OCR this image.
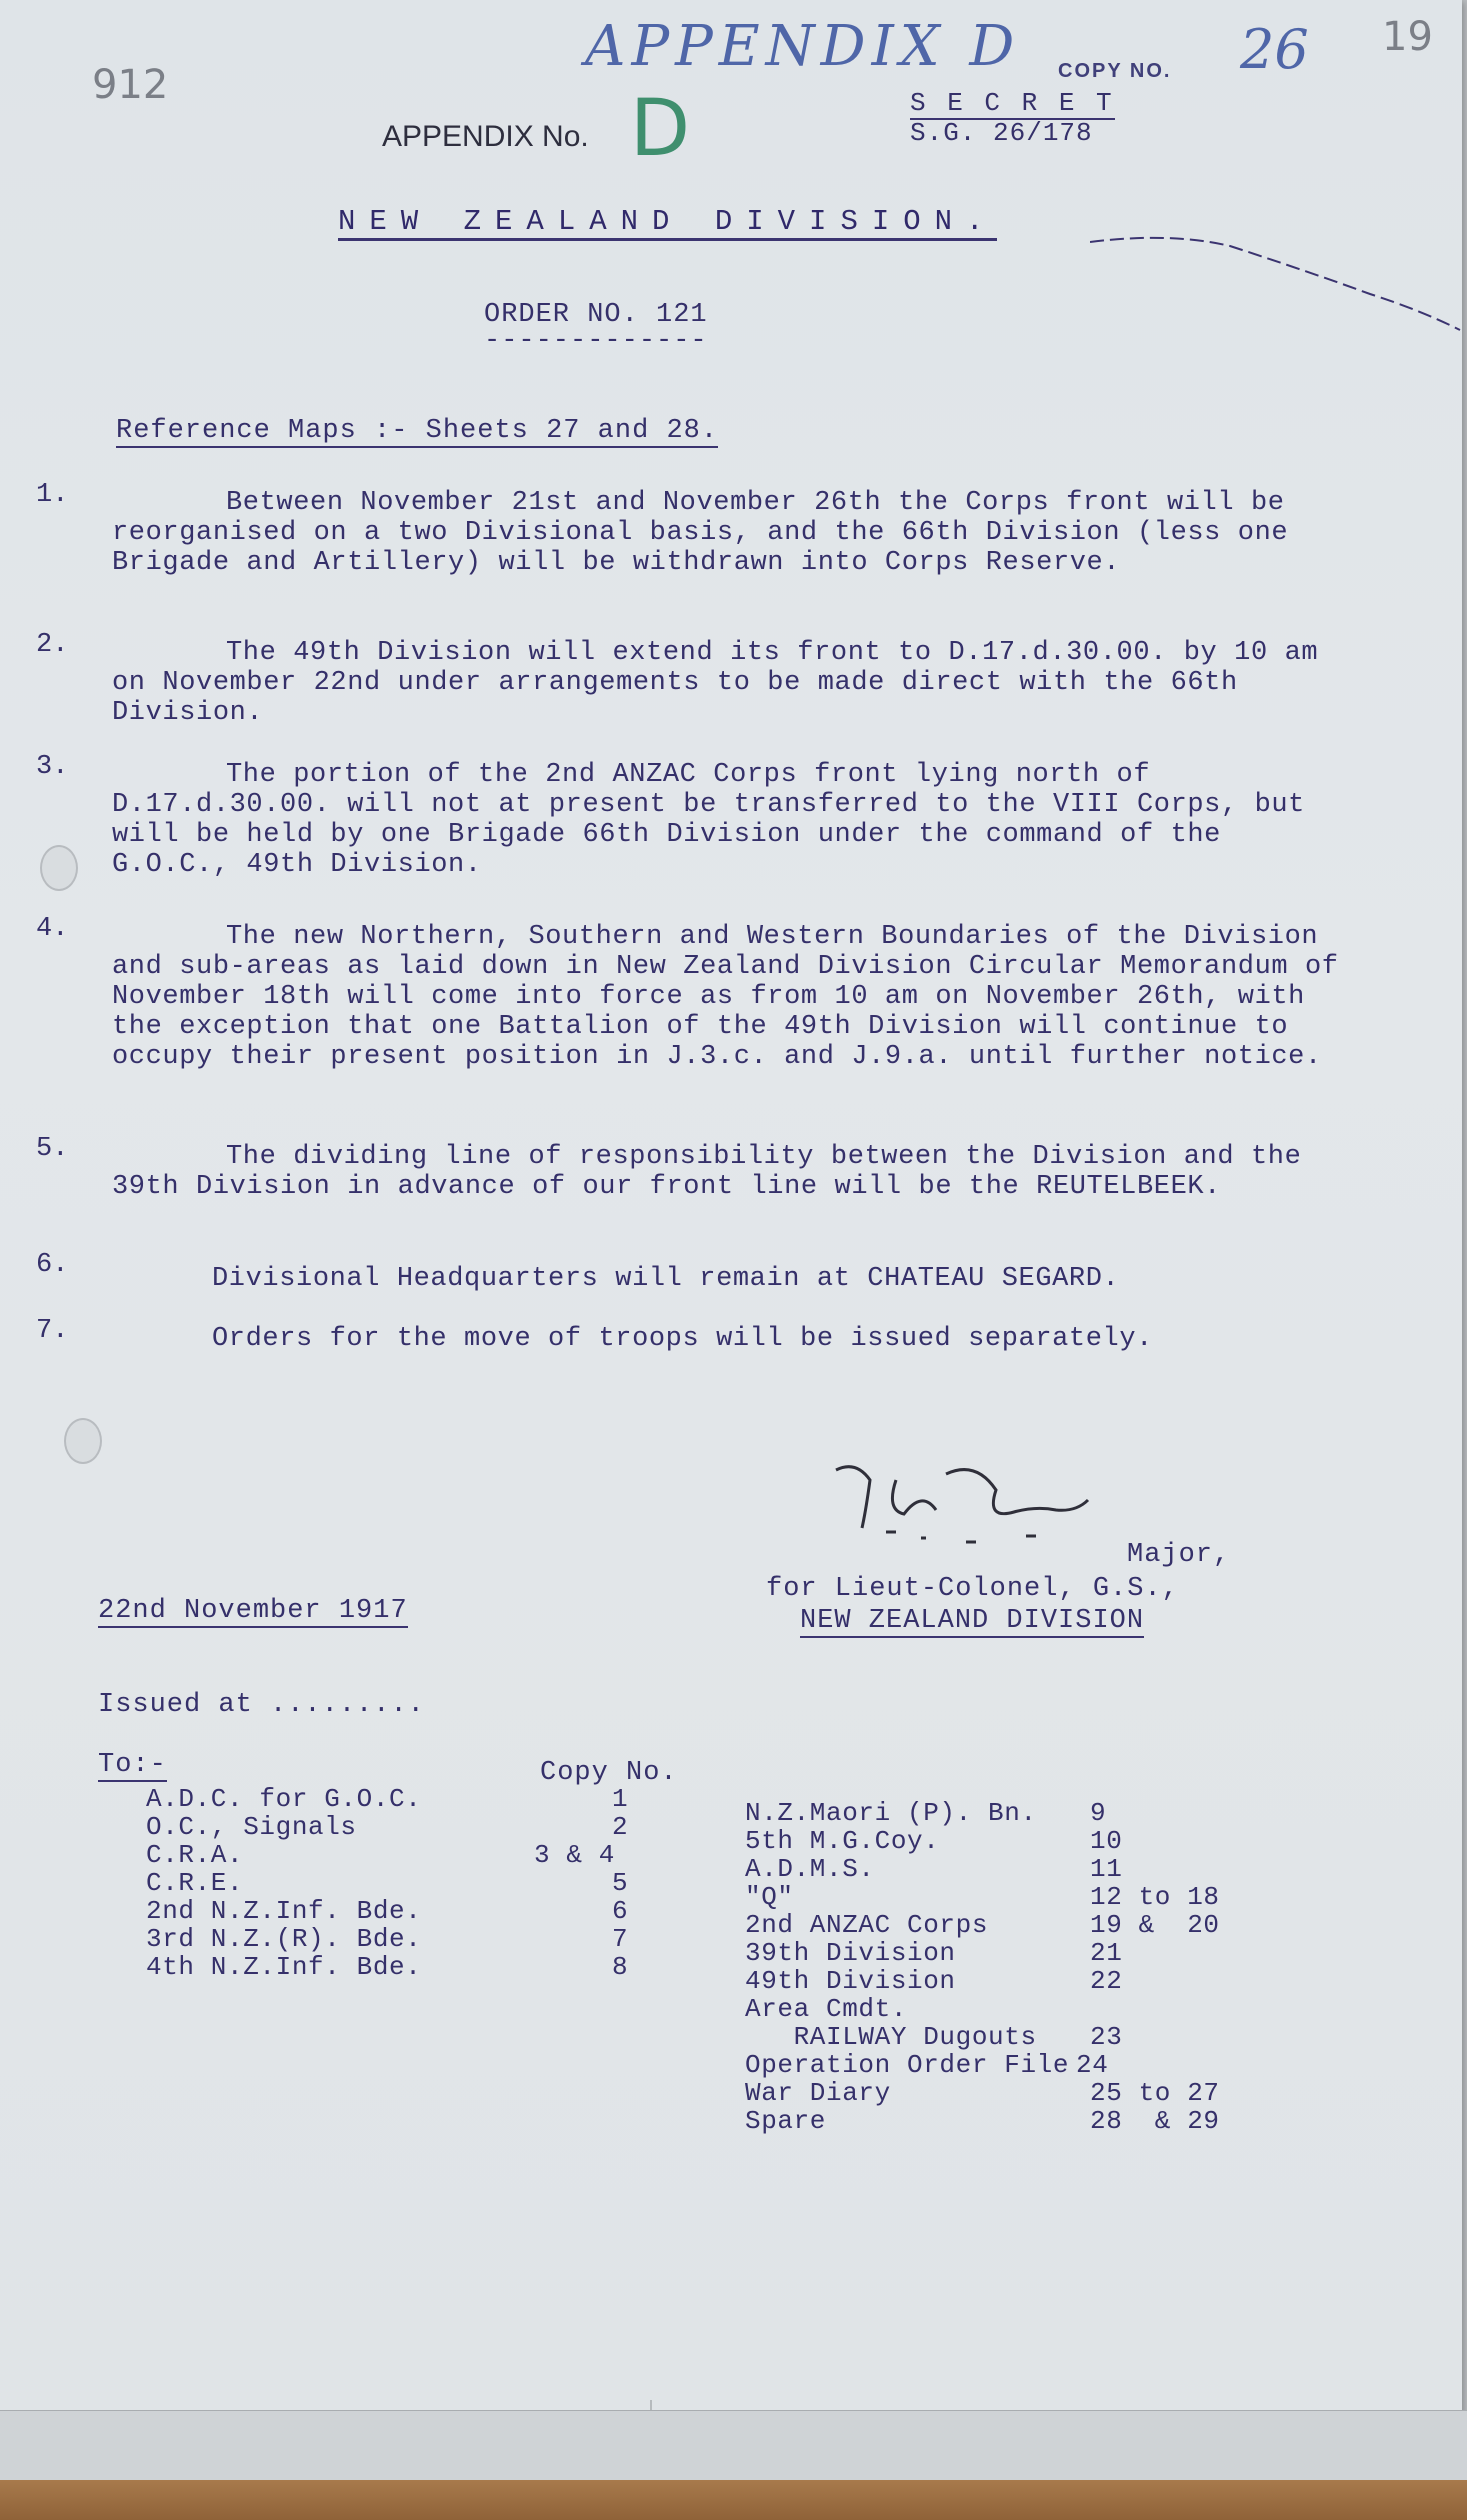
912
19
APPENDIX D COPY NO. 26
APPENDIX No. D	S E C R E T
S.G. 26/178
NEW ZEALAND DIVISION.
ORDER NO. 121
-------------
Reference Maps :- Sheets 27 and 28.
1.	Between November 21st and November 26th the Corps front will be reorganised on a two Divisional basis, and the 66th Division (less one Brigade and Artillery) will be withdrawn into Corps Reserve.
2.	The 49th Division will extend its front to D.17.d.30.00. by 10 am on November 22nd under arrangements to be made direct with the 66th Division.
3.	The portion of the 2nd ANZAC Corps front lying north of D.17.d.30.00. will not at present be transferred to the VIII Corps, but will be held by one Brigade 66th Division under the command of the G.O.C., 49th Division.
4.	The new Northern, Southern and Western Boundaries of the Division and sub-areas as laid down in New Zealand Division Circular Memorandum of November 18th will come into force as from 10 am on November 26th, with the exception that one Battalion of the 49th Division will continue to occupy their present position in J.3.c. and J.9.a. until further notice.
5.	The dividing line of responsibility between the Division and the 39th Division in advance of our front line will be the REUTELBEEK.
6.	Divisional Headquarters will remain at CHATEAU SEGARD.
7.	Orders for the move of troops will be issued separately.
Major,
for Lieut-Colonel, G.S.,
NEW ZEALAND DIVISION
22nd November 1917
Issued at .........
To:-	Copy No.
A.D.C. for G.O.C.	1
O.C., Signals	2
C.R.A.	3 & 4
C.R.E.	5
2nd N.Z.Inf. Bde.	6
3rd N.Z.(R). Bde.	7
4th N.Z.Inf. Bde.	8
N.Z.Maori (P). Bn. 9
5th M.G.Coy.	10
A.D.M.S.	11
"Q"	12 to 18
2nd ANZAC Corps	19 &  20
39th Division	21
49th Division	22
Area Cmdt.
RAILWAY Dugouts 23
Operation Order File 24
War Diary	25 to 27
Spare	28  & 29
